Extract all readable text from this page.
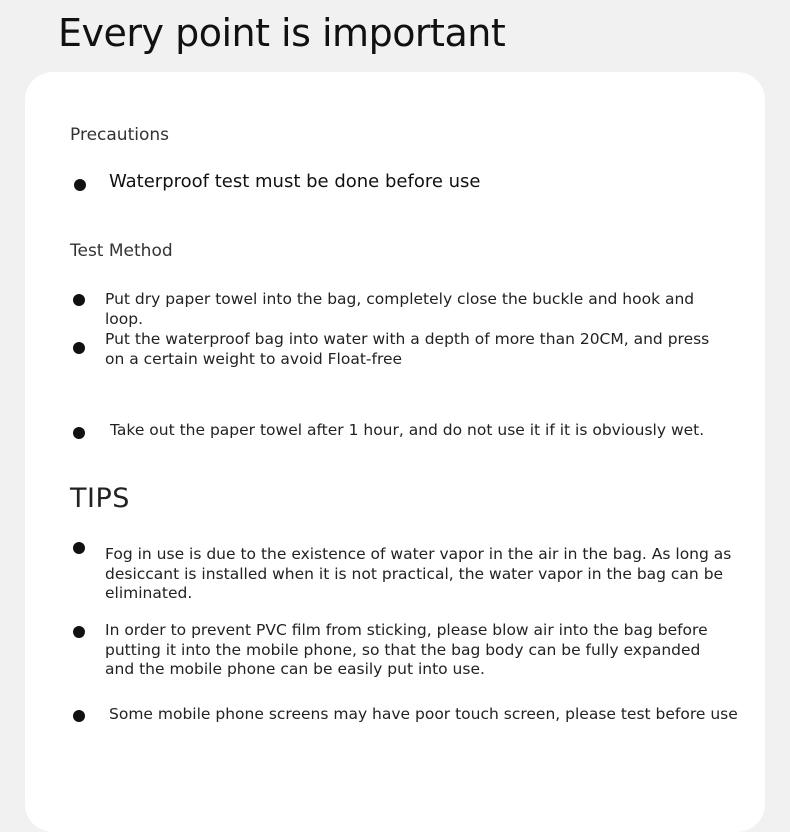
Every point is important

Precautions

Waterproof test must be done before use

Test Method

Put dry paper towel into the bag, completely close the buckle and hook and loop.
Put the waterproof bag into water with a depth of more than 20CM, and press on a certain weight to avoid Float-free
Take out the paper towel after 1 hour, and do not use it if it is obviously wet.

TIPS

Fog in use is due to the existence of water vapor in the air in the bag. As long as desiccant is installed when it is not practical, the water vapor in the bag can be eliminated.
In order to prevent PVC film from sticking, please blow air into the bag before putting it into the mobile phone, so that the bag body can be fully expanded and the mobile phone can be easily put into use.
Some mobile phone screens may have poor touch screen, please test before use
